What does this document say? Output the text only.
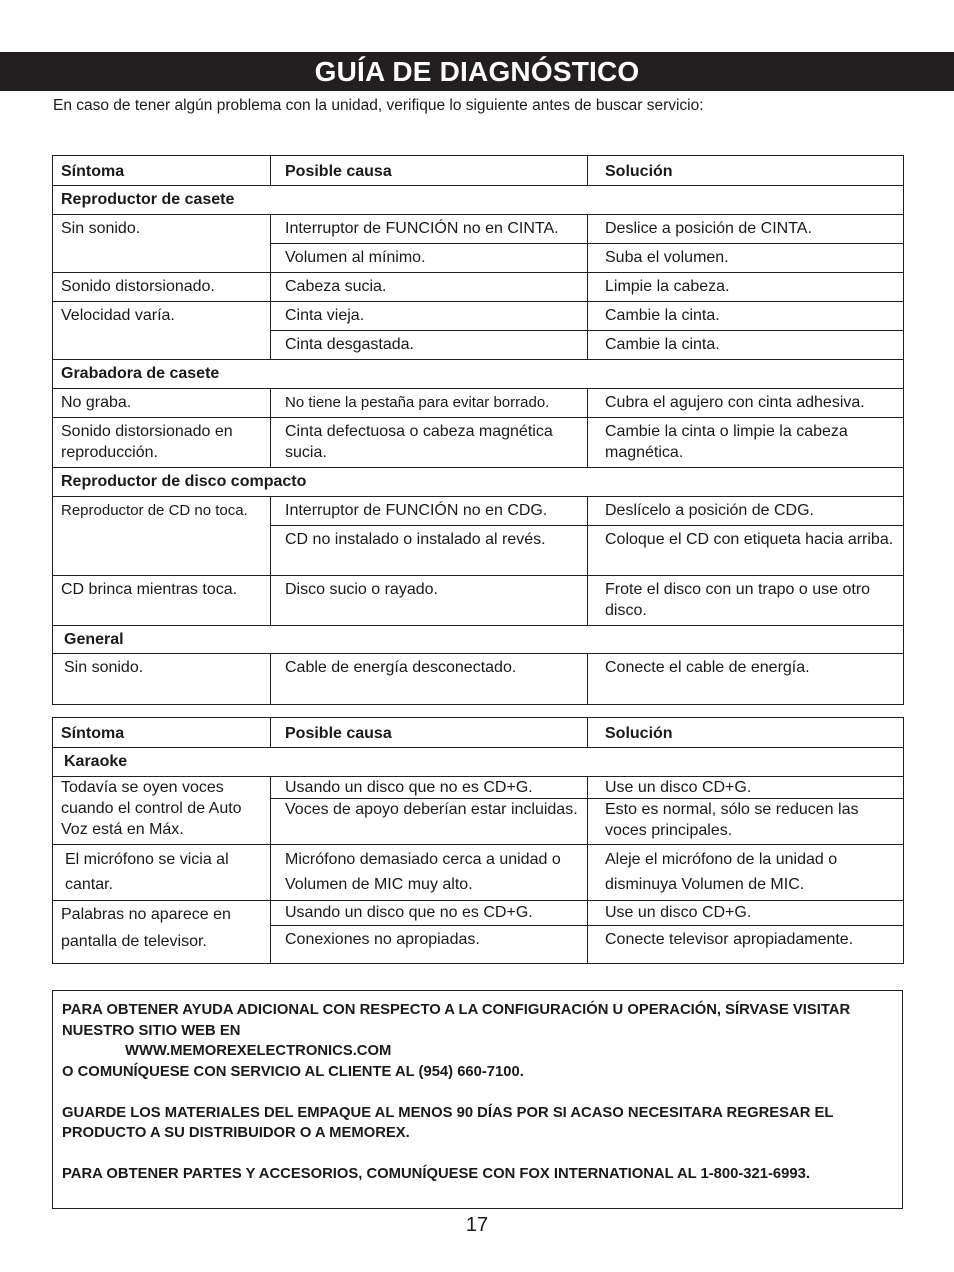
GUÍA DE DIAGNÓSTICO
En caso de tener algún problema con la unidad, verifique lo siguiente antes de buscar servicio:
Síntoma	Posible causa	Solución
Reproductor de casete		
Sin sonido.	Interruptor de FUNCIÓN no en CINTA.	Deslice a posición de CINTA.
	Volumen al mínimo.	Suba el volumen.
Sonido distorsionado.	Cabeza sucia.	Limpie la cabeza.
Velocidad varía.	Cinta vieja.	Cambie la cinta.
	Cinta desgastada.	Cambie la cinta.
Grabadora de casete		
No graba.	No tiene la pestaña para evitar borrado.	Cubra el agujero con cinta adhesiva.
Sonido distorsionado en reproducción.	Cinta defectuosa o cabeza magnética sucia.	Cambie la cinta o limpie la cabeza magnética.
Reproductor de disco compacto		
Reproductor de CD no toca.	Interruptor de FUNCIÓN no en CDG.	Deslícelo a posición de CDG.
	CD no instalado o instalado al revés.	Coloque el CD con etiqueta hacia arriba.
CD brinca mientras toca.	Disco sucio o rayado.	Frote el disco con un trapo o use otro disco.
General		
Sin sonido.	Cable de energía desconectado.	Conecte el cable de energía.
Síntoma	Posible causa	Solución
Karaoke		
Todavía se oyen voces cuando el control de Auto Voz está en Máx.	Usando un disco que no es CD+G.	Use un disco CD+G.
	Voces de apoyo deberían estar incluidas.	Esto es normal, sólo se reducen las voces principales.
El micrófono se vicia al cantar.	Micrófono demasiado cerca a unidad o Volumen de MIC muy alto.	Aleje el micrófono de la unidad o disminuya Volumen de MIC.
Palabras no aparece en pantalla de televisor.	Usando un disco que no es CD+G.	Use un disco CD+G.
	Conexiones no apropiadas.	Conecte televisor apropiadamente.

PARA OBTENER AYUDA ADICIONAL CON RESPECTO A LA CONFIGURACIÓN U OPERACIÓN, SÍRVASE VISITAR NUESTRO SITIO WEB EN
WWW.MEMOREXELECTRONICS.COM
O COMUNÍQUESE CON SERVICIO AL CLIENTE AL (954) 660-7100.

GUARDE LOS MATERIALES DEL EMPAQUE AL MENOS 90 DÍAS POR SI ACASO NECESITARA REGRESAR EL PRODUCTO A SU DISTRIBUIDOR O A MEMOREX.

PARA OBTENER PARTES Y ACCESORIOS, COMUNÍQUESE CON FOX INTERNATIONAL AL 1-800-321-6993.

17
